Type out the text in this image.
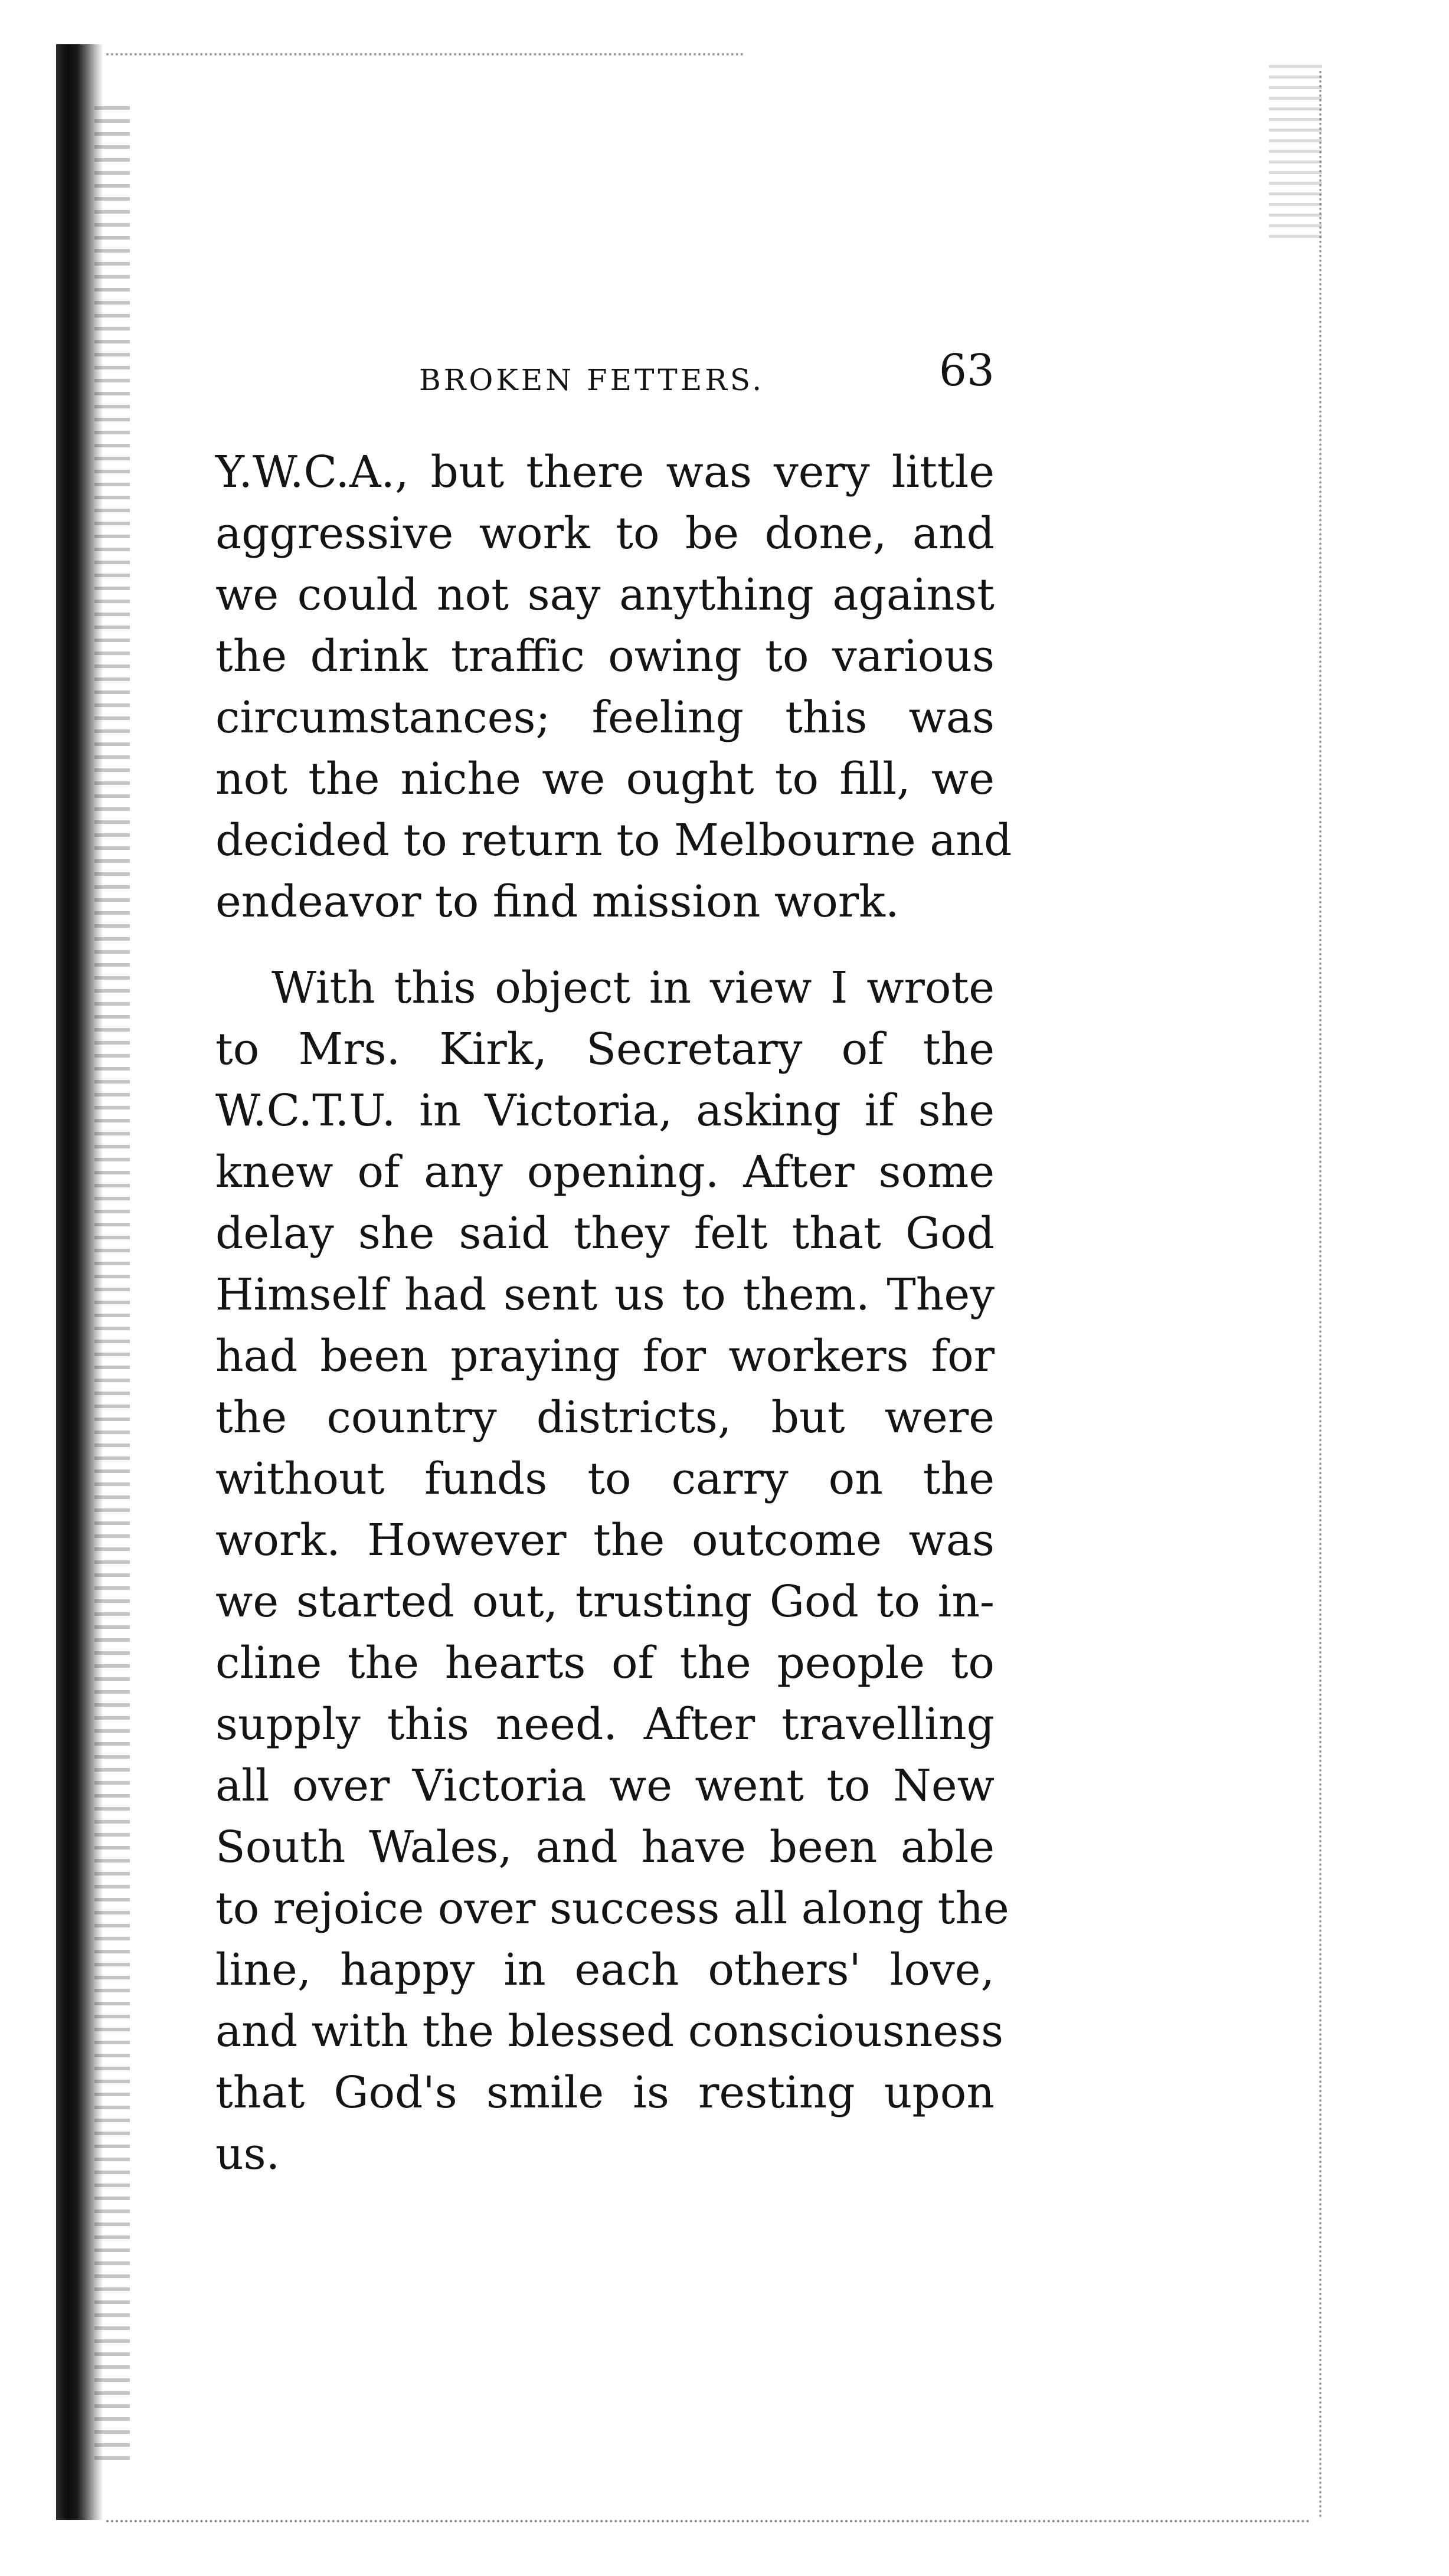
BROKEN FETTERS.	63
Y.W.C.A., but there was very little
aggressive work to be done, and
we could not say anything against
the drink traffic owing to various
circumstances; feeling this was
not the niche we ought to fill, we
decided to return to Melbourne and
endeavor to find mission work.
With this object in view I wrote
to Mrs. Kirk, Secretary of the
W.C.T.U. in Victoria, asking if she
knew of any opening. After some
delay she said they felt that God
Himself had sent us to them. They
had been praying for workers for
the country districts, but were
without funds to carry on the
work. However the outcome was
we started out, trusting God to in-
cline the hearts of the people to
supply this need. After travelling
all over Victoria we went to New
South Wales, and have been able
to rejoice over success all along the
line, happy in each others' love,
and with the blessed consciousness
that God's smile is resting upon
us.
